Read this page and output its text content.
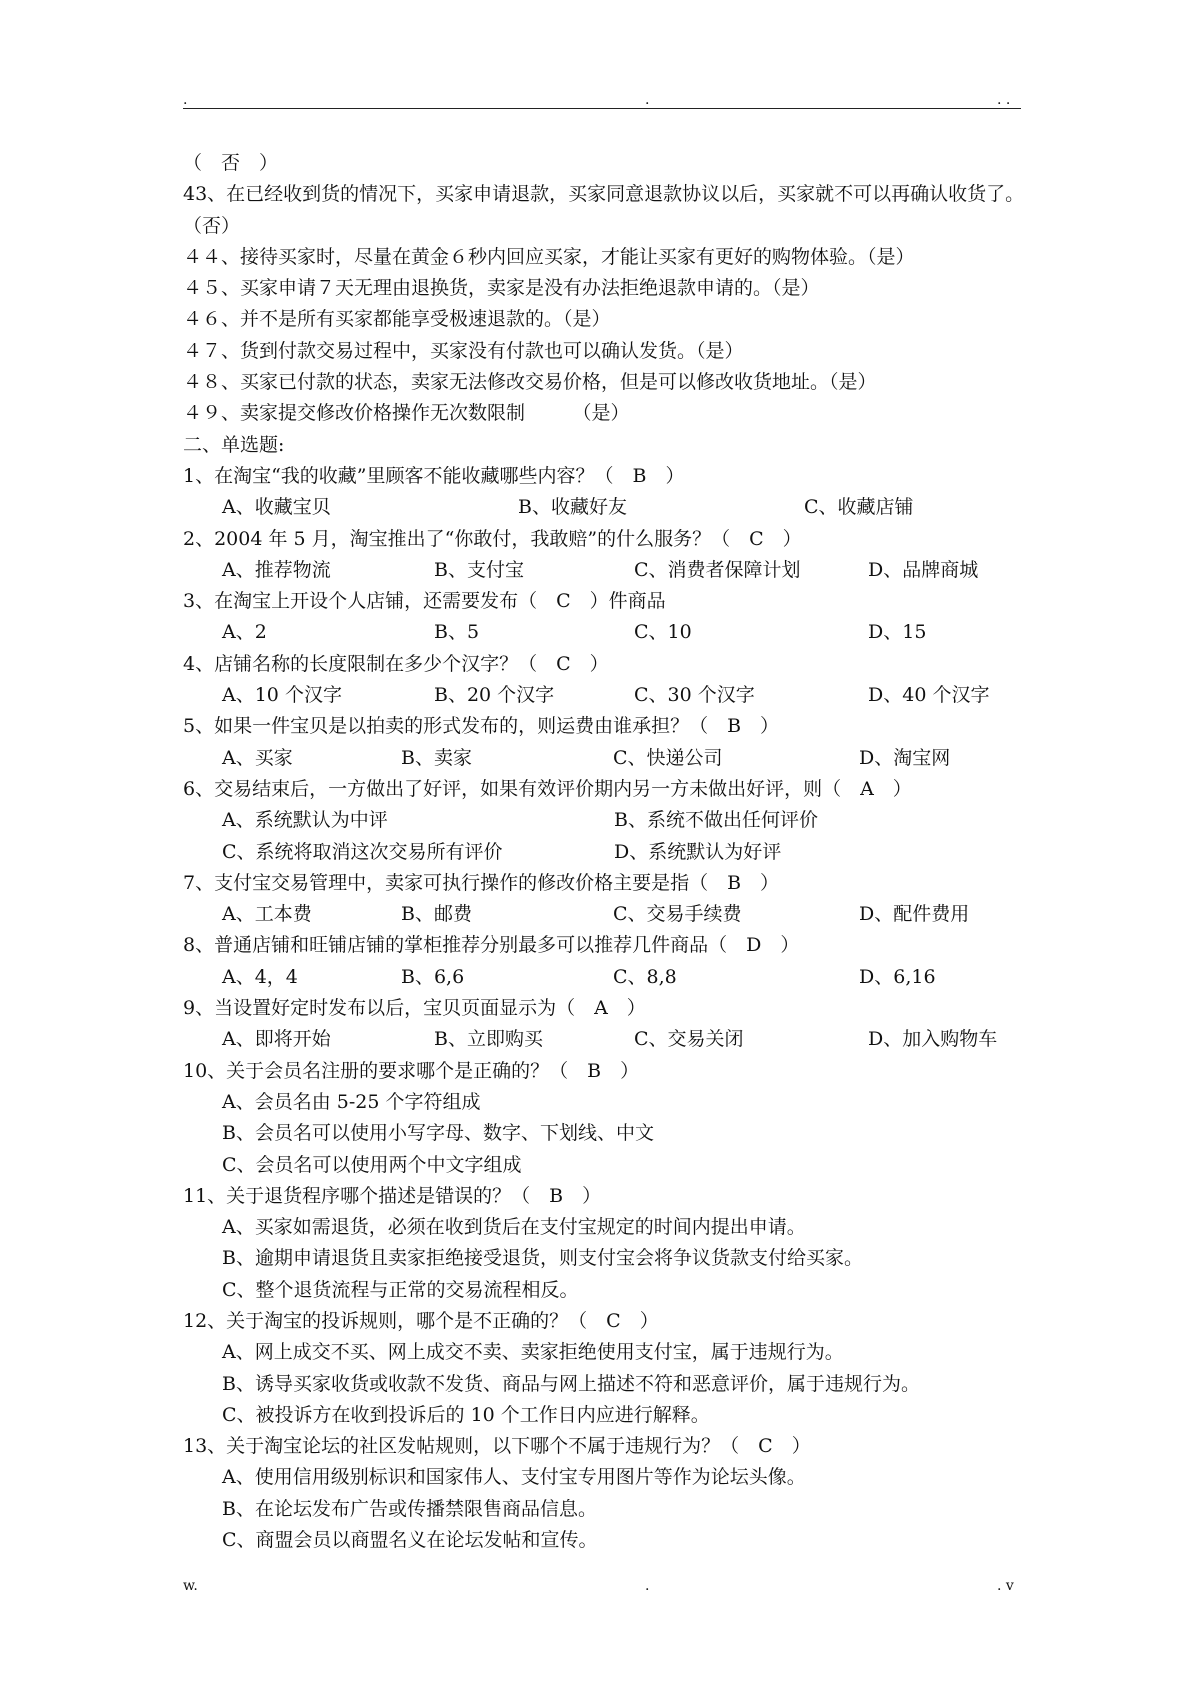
.	.	. .
（　否　）
43、在已经收到货的情况下，买家申请退款，买家同意退款协议以后，买家就不可以再确认收货了。　　　　（否）
４４、接待买家时，尽量在黄金６秒内回应买家，才能让买家有更好的购物体验。（是）
４５、买家申请７天无理由退换货，卖家是没有办法拒绝退款申请的。（是）
４６、并不是所有买家都能享受极速退款的。（是）
４７、货到付款交易过程中，买家没有付款也可以确认发货。（是）
４８、买家已付款的状态，卖家无法修改交易价格，但是可以修改收货地址。（是）
４９、卖家提交修改价格操作无次数限制　　　（是）
二、单选题:
1、在淘宝“我的收藏”里顾客不能收藏哪些内容？（　B　）
A、收藏宝贝	B、收藏好友	C、收藏店铺
2、2004 年 5 月，淘宝推出了“你敢付，我敢赔”的什么服务？（　C　）
A、推荐物流	B、支付宝	C、消费者保障计划	D、品牌商城
3、在淘宝上开设个人店铺，还需要发布（　C　）件商品
A、2	B、5	C、10	D、15
4、店铺名称的长度限制在多少个汉字？（　C　）
A、10 个汉字	B、20 个汉字	C、30 个汉字	D、40 个汉字
5、如果一件宝贝是以拍卖的形式发布的，则运费由谁承担？（　B　）
A、买家	B、卖家	C、快递公司	D、淘宝网
6、交易结束后，一方做出了好评，如果有效评价期内另一方未做出好评，则（　A　）
A、系统默认为中评	B、系统不做出任何评价
C、系统将取消这次交易所有评价	D、系统默认为好评
7、支付宝交易管理中，卖家可执行操作的修改价格主要是指（　B　）
A、工本费	B、邮费	C、交易手续费	D、配件费用
8、普通店铺和旺铺店铺的掌柜推荐分别最多可以推荐几件商品（　D　）
A、4，4	B、6,6	C、8,8	D、6,16
9、当设置好定时发布以后，宝贝页面显示为（　A　）
A、即将开始	B、立即购买	C、交易关闭	D、加入购物车
10、关于会员名注册的要求哪个是正确的？（　B　）
A、会员名由 5-25 个字符组成
B、会员名可以使用小写字母、数字、下划线、中文
C、会员名可以使用两个中文字组成
11、关于退货程序哪个描述是错误的？（　B　）
A、买家如需退货，必须在收到货后在支付宝规定的时间内提出申请。
B、逾期申请退货且卖家拒绝接受退货，则支付宝会将争议货款支付给买家。
C、整个退货流程与正常的交易流程相反。
12、关于淘宝的投诉规则，哪个是不正确的？（　C　）
A、网上成交不买、网上成交不卖、卖家拒绝使用支付宝，属于违规行为。
B、诱导买家收货或收款不发货、商品与网上描述不符和恶意评价，属于违规行为。
C、被投诉方在收到投诉后的 10 个工作日内应进行解释。
13、关于淘宝论坛的社区发帖规则，以下哪个不属于违规行为？（　C　）
A、使用信用级别标识和国家伟人、支付宝专用图片等作为论坛头像。
B、在论坛发布广告或传播禁限售商品信息。
C、商盟会员以商盟名义在论坛发帖和宣传。
w.	.	. v
